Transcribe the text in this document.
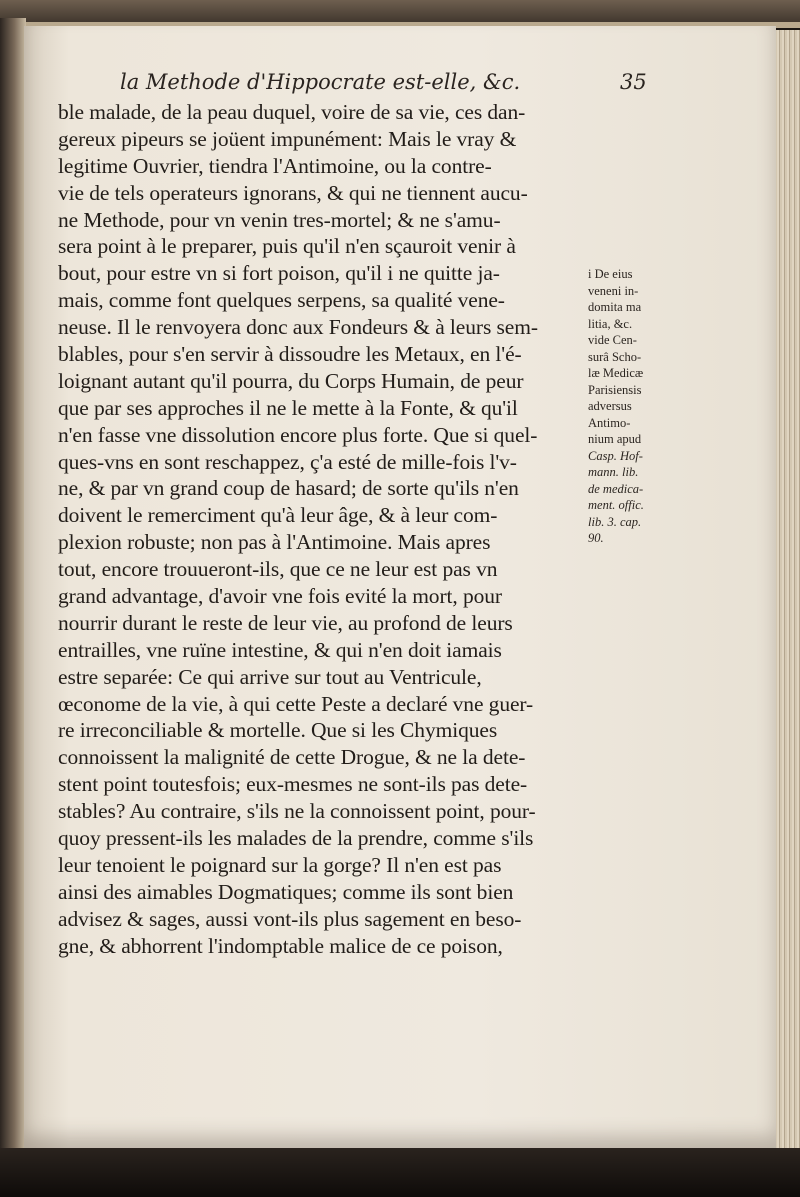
la Methode d'Hippocrate est-elle, &c.	35
ble malade, de la peau duquel, voire de sa vie, ces dan-
gereux pipeurs se joüent impunément: Mais le vray &
legitime Ouvrier, tiendra l'Antimoine, ou la contre-
vie de tels operateurs ignorans, & qui ne tiennent aucu-
ne Methode, pour vn venin tres-mortel; & ne s'amu-
sera point à le preparer, puis qu'il n'en sçauroit venir à
bout, pour estre vn si fort poison, qu'il i ne quitte ja-
mais, comme font quelques serpens, sa qualité vene-
neuse. Il le renvoyera donc aux Fondeurs & à leurs sem-
blables, pour s'en servir à dissoudre les Metaux, en l'é-
loignant autant qu'il pourra, du Corps Humain, de peur
que par ses approches il ne le mette à la Fonte, & qu'il
n'en fasse vne dissolution encore plus forte. Que si quel-
ques-vns en sont reschappez, ç'a esté de mille-fois l'v-
ne, & par vn grand coup de hasard; de sorte qu'ils n'en
doivent le remerciment qu'à leur âge, & à leur com-
plexion robuste; non pas à l'Antimoine. Mais apres
tout, encore trouueront-ils, que ce ne leur est pas vn
grand advantage, d'avoir vne fois evité la mort, pour
nourrir durant le reste de leur vie, au profond de leurs
entrailles, vne ruïne intestine, & qui n'en doit iamais
estre separée: Ce qui arrive sur tout au Ventricule,
œconome de la vie, à qui cette Peste a declaré vne guer-
re irreconciliable & mortelle. Que si les Chymiques
connoissent la malignité de cette Drogue, & ne la dete-
stent point toutesfois; eux-mesmes ne sont-ils pas dete-
stables? Au contraire, s'ils ne la connoissent point, pour-
quoy pressent-ils les malades de la prendre, comme s'ils
leur tenoient le poignard sur la gorge? Il n'en est pas
ainsi des aimables Dogmatiques; comme ils sont bien
advisez & sages, aussi vont-ils plus sagement en beso-
gne, & abhorrent l'indomptable malice de ce poison,
i De eius
veneni in-
domita ma
litia, &c.
vide Cen-
surâ Scho-
læ Medicæ
Parisiensis
adversus
Antimo-
nium apud
Casp. Hof-
mann. lib.
de medica-
ment. offic.
lib. 3. cap.
90.
